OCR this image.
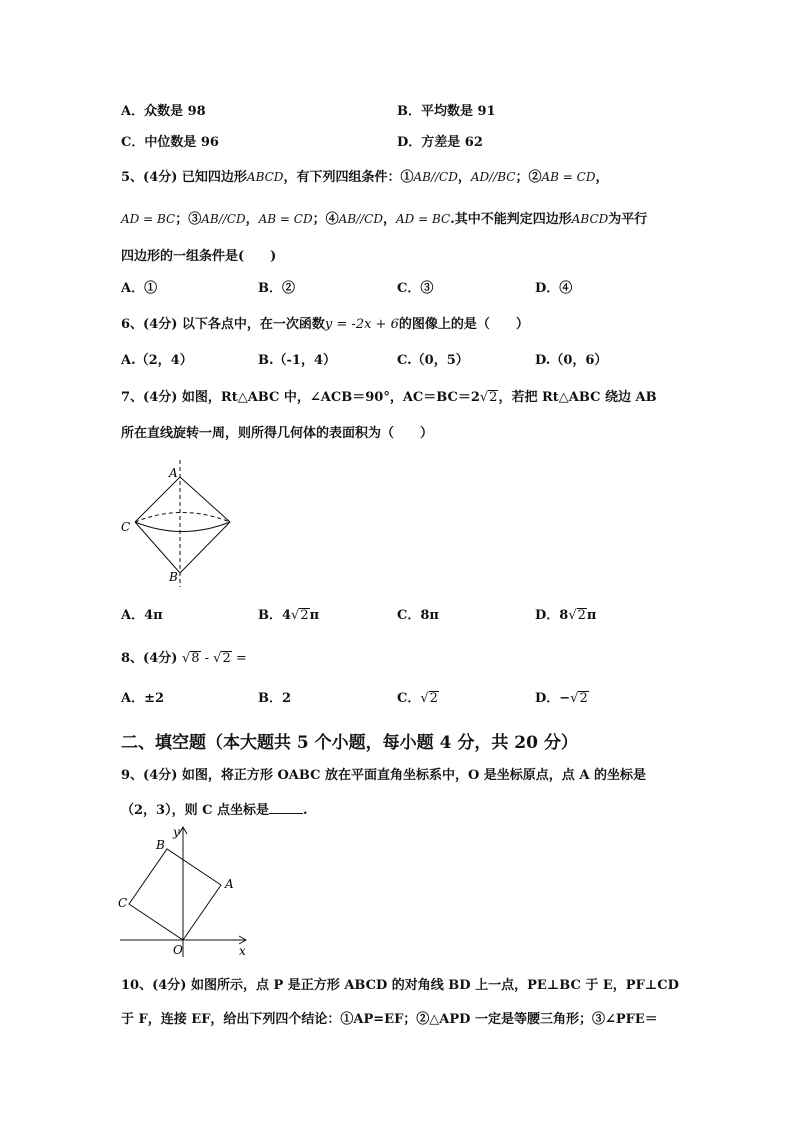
A．众数是 98	B．平均数是 91
C．中位数是 96	D．方差是 62
5、(4分) 已知四边形ABCD，有下列四组条件：①AB//CD，AD//BC；②AB = CD，
AD = BC；③AB//CD，AB = CD；④AB//CD，AD = BC.其中不能判定四边形ABCD为平行
四边形的一组条件是(　　)
A．①	B．②	C．③	D．④
6、(4分) 以下各点中，在一次函数y = -2x + 6的图像上的是（　　）
A.（2，4）	B.（-1，4）	C.（0，5）	D.（0，6）
7、(4分) 如图，Rt△ABC 中，∠ACB＝90°，AC＝BC＝2√2，若把 Rt△ABC 绕边 AB
所在直线旋转一周，则所得几何体的表面积为（　　）
A
C
B
A．4π	B．4√2π	C．8π	D．8√2π
8、(4分) √8 - √2 =
A．±2	B．2	C．√2	D．−√2
二、填空题（本大题共 5 个小题，每小题 4 分，共 20 分）
9、(4分) 如图，将正方形 OABC 放在平面直角坐标系中，O 是坐标原点，点 A 的坐标是
（2，3），则 C 点坐标是	.
y
B
A
C
O	x
10、(4分) 如图所示，点 P 是正方形 ABCD 的对角线 BD 上一点，PE⊥BC 于 E，PF⊥CD
于 F，连接 EF，给出下列四个结论：①AP=EF；②△APD 一定是等腰三角形；③∠PFE＝
